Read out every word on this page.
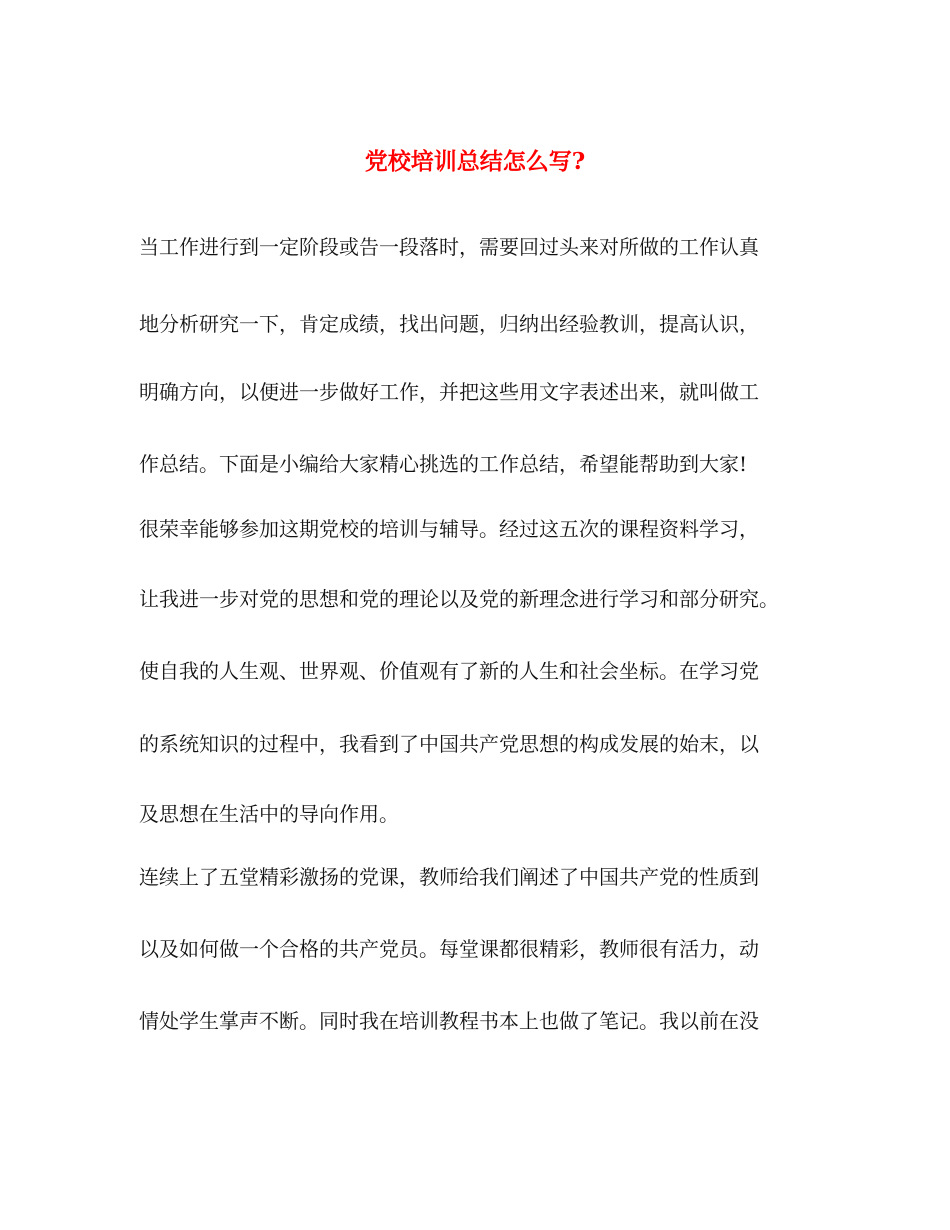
党校培训总结怎么写?

当工作进行到一定阶段或告一段落时，需要回过头来对所做的工作认真

地分析研究一下，肯定成绩，找出问题，归纳出经验教训，提高认识，

明确方向，以便进一步做好工作，并把这些用文字表述出来，就叫做工

作总结。下面是小编给大家精心挑选的工作总结，希望能帮助到大家!

很荣幸能够参加这期党校的培训与辅导。经过这五次的课程资料学习，

让我进一步对党的思想和党的理论以及党的新理念进行学习和部分研究。

使自我的人生观、世界观、价值观有了新的人生和社会坐标。在学习党

的系统知识的过程中，我看到了中国共产党思想的构成发展的始末，以

及思想在生活中的导向作用。

连续上了五堂精彩激扬的党课，教师给我们阐述了中国共产党的性质到

以及如何做一个合格的共产党员。每堂课都很精彩，教师很有活力，动

情处学生掌声不断。同时我在培训教程书本上也做了笔记。我以前在没
